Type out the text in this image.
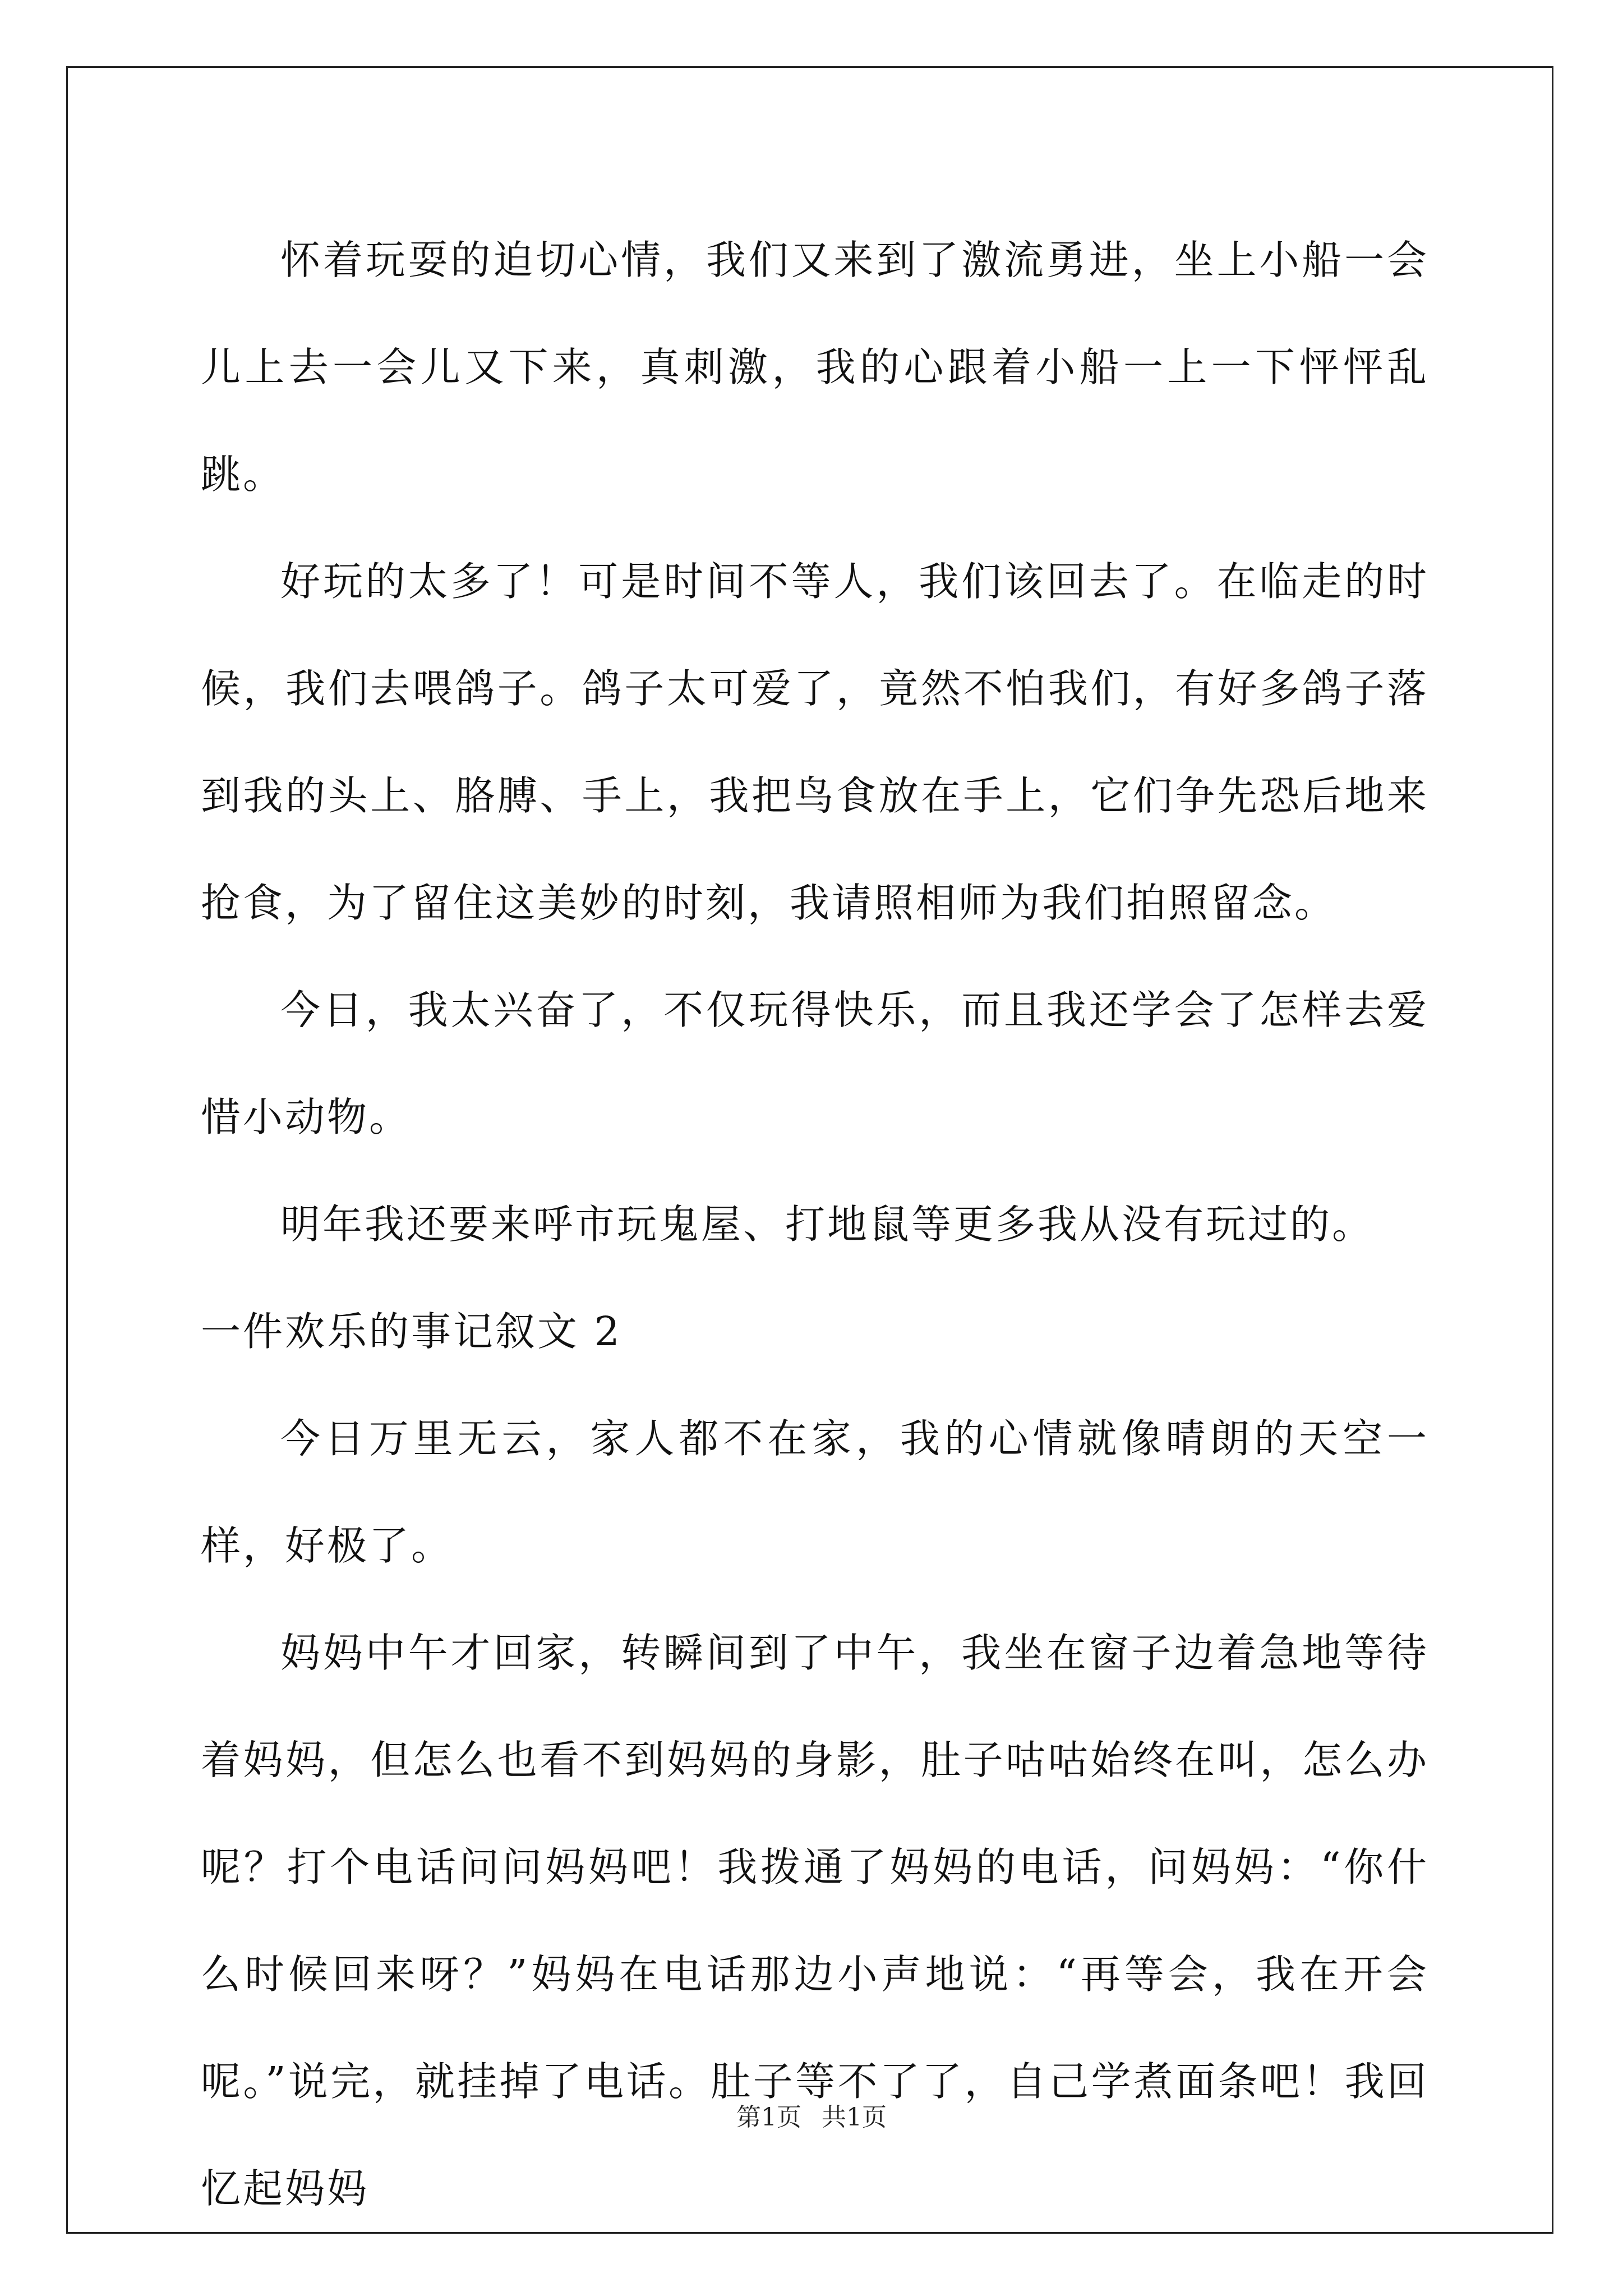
怀着玩耍的迫切心情，我们又来到了激流勇进，坐上小船一会儿上去一会儿又下来，真刺激，我的心跟着小船一上一下怦怦乱跳。

好玩的太多了！可是时间不等人，我们该回去了。在临走的时候，我们去喂鸽子。鸽子太可爱了，竟然不怕我们，有好多鸽子落到我的头上、胳膊、手上，我把鸟食放在手上，它们争先恐后地来抢食，为了留住这美妙的时刻，我请照相师为我们拍照留念。

今日，我太兴奋了，不仅玩得快乐，而且我还学会了怎样去爱惜小动物。

明年我还要来呼市玩鬼屋、打地鼠等更多我从没有玩过的。

一件欢乐的事记叙文 2

今日万里无云，家人都不在家，我的心情就像晴朗的天空一样，好极了。

妈妈中午才回家，转瞬间到了中午，我坐在窗子边着急地等待着妈妈，但怎么也看不到妈妈的身影，肚子咕咕始终在叫，怎么办呢？打个电话问问妈妈吧！我拨通了妈妈的电话，问妈妈：“你什么时候回来呀？”妈妈在电话那边小声地说：“再等会，我在开会呢。”说完，就挂掉了电话。肚子等不了了，自己学煮面条吧！我回忆起妈妈

第1页 共1页
